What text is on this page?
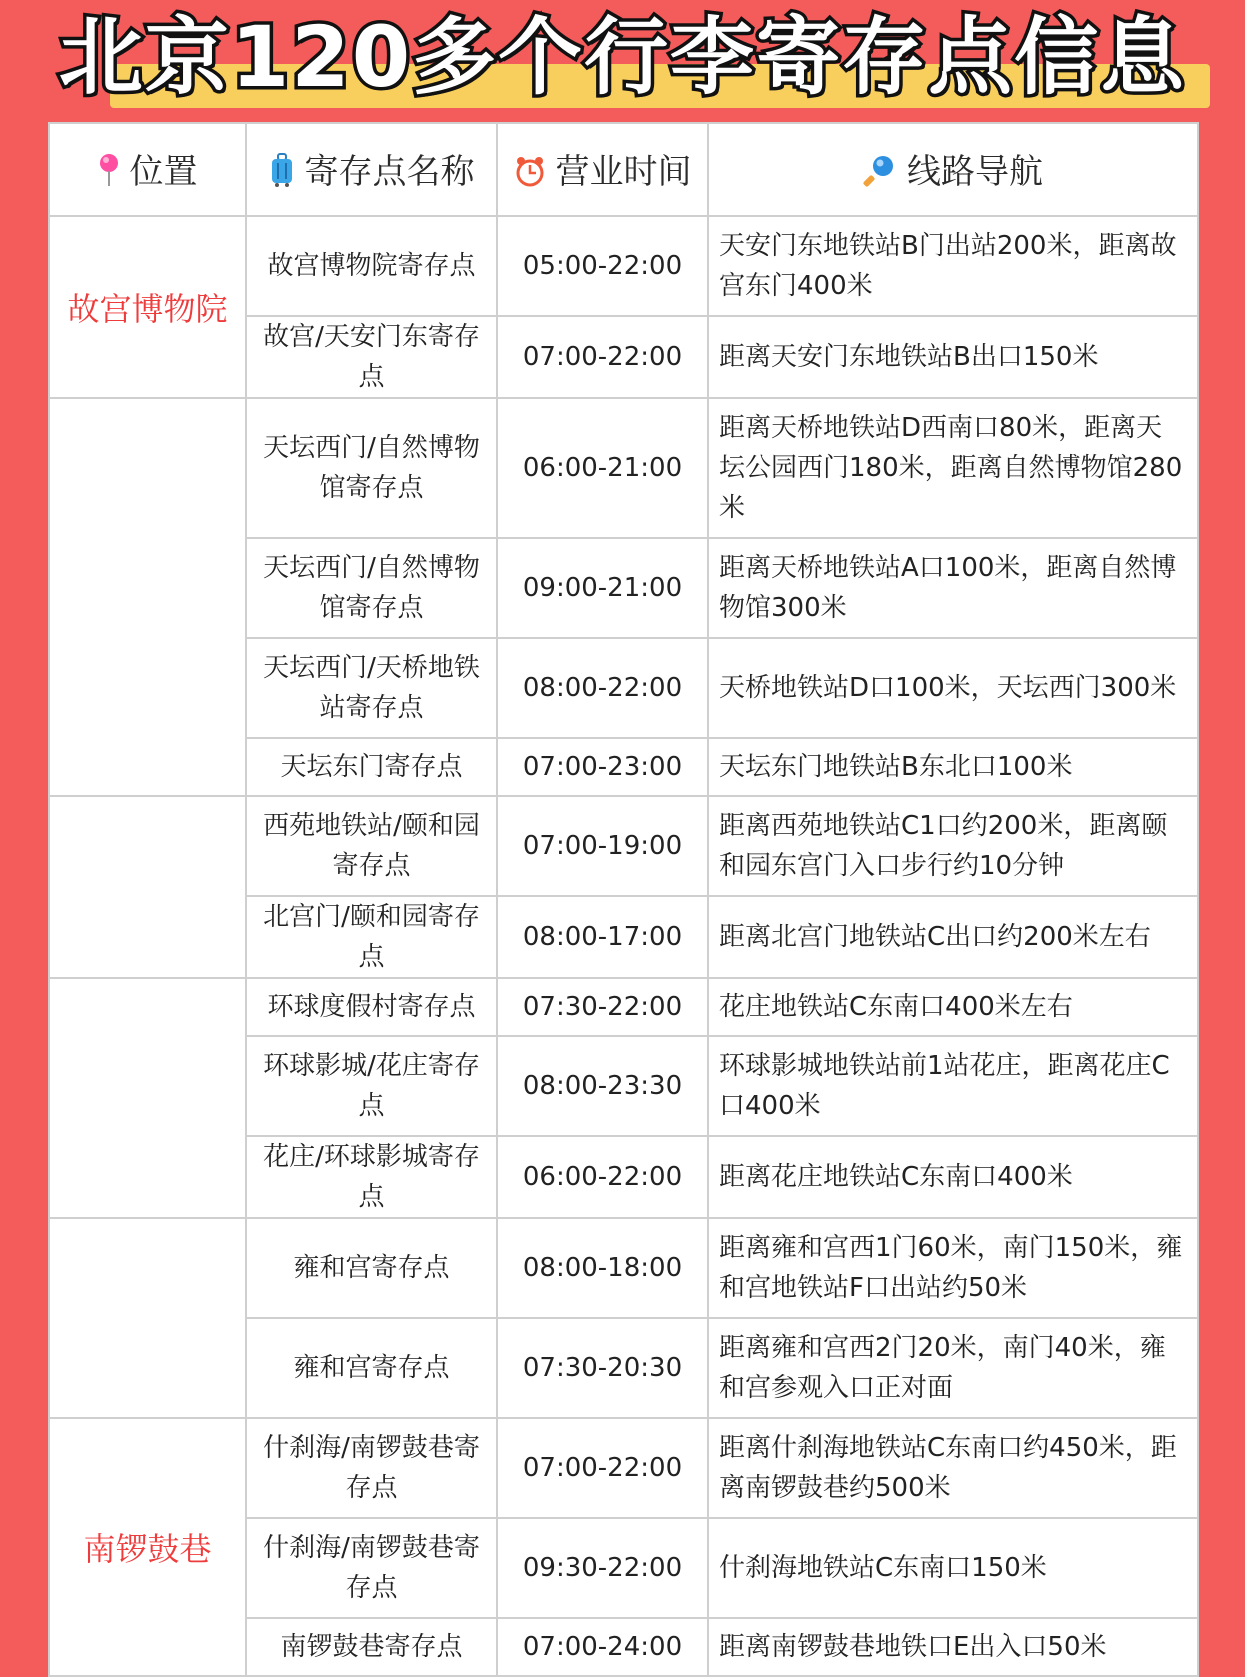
北京120多个行李寄存点信息
位置	寄存点名称	营业时间	线路导航
故宫博物院	故宫博物院寄存点	05:00-22:00	天安门东地铁站B门出站200米，距离故宫东门400米
	故宫/天安门东寄存点	07:00-22:00	距离天安门东地铁站B出口150米
	天坛西门/自然博物馆寄存点	06:00-21:00	距离天桥地铁站D西南口80米，距离天坛公园西门180米，距离自然博物馆280米
	天坛西门/自然博物馆寄存点	09:00-21:00	距离天桥地铁站A口100米，距离自然博物馆300米
	天坛西门/天桥地铁站寄存点	08:00-22:00	天桥地铁站D口100米，天坛西门300米
	天坛东门寄存点	07:00-23:00	天坛东门地铁站B东北口100米
	西苑地铁站/颐和园寄存点	07:00-19:00	距离西苑地铁站C1口约200米，距离颐和园东宫门入口步行约10分钟
	北宫门/颐和园寄存点	08:00-17:00	距离北宫门地铁站C出口约200米左右
	环球度假村寄存点	07:30-22:00	花庄地铁站C东南口400米左右
	环球影城/花庄寄存点	08:00-23:30	环球影城地铁站前1站花庄，距离花庄C口400米
	花庄/环球影城寄存点	06:00-22:00	距离花庄地铁站C东南口400米
	雍和宫寄存点	08:00-18:00	距离雍和宫西1门60米，南门150米，雍和宫地铁站F口出站约50米
	雍和宫寄存点	07:30-20:30	距离雍和宫西2门20米，南门40米，雍和宫参观入口正对面
南锣鼓巷	什刹海/南锣鼓巷寄存点	07:00-22:00	距离什刹海地铁站C东南口约450米，距离南锣鼓巷约500米
	什刹海/南锣鼓巷寄存点	09:30-22:00	什刹海地铁站C东南口150米
	南锣鼓巷寄存点	07:00-24:00	距离南锣鼓巷地铁口E出入口50米
